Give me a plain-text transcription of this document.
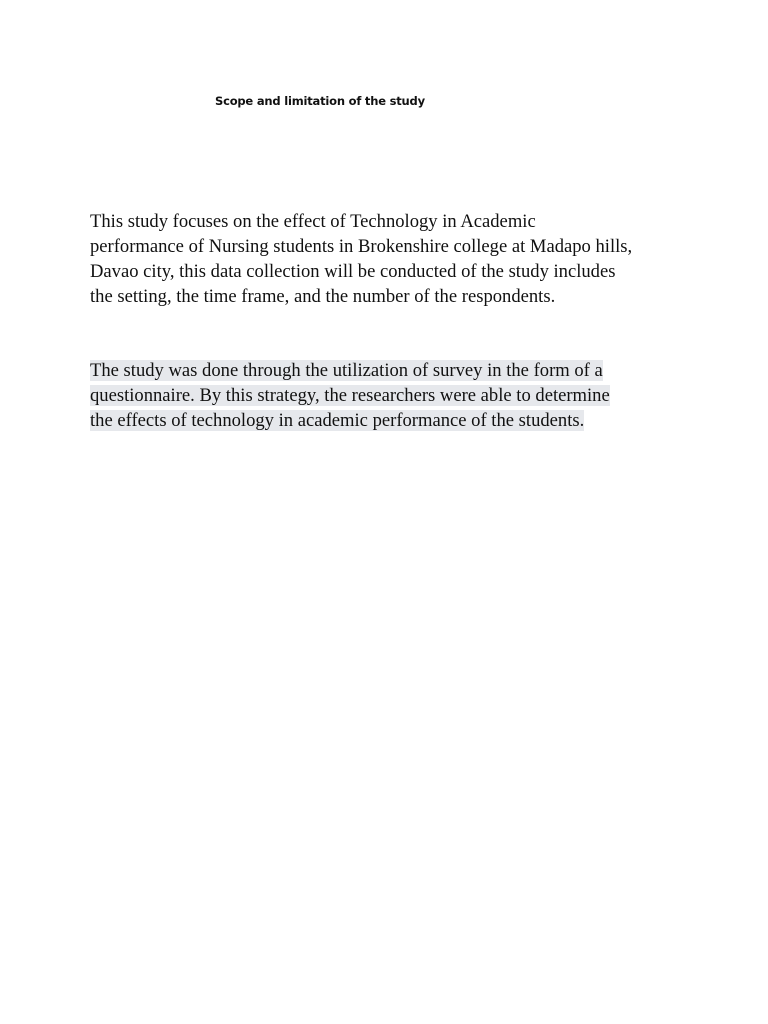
Scope and limitation of the study
This study focuses on the effect of Technology in Academic
performance of Nursing students in Brokenshire college at Madapo hills,
Davao city, this data collection will be conducted of the study includes
the setting, the time frame, and the number of the respondents.
The study was done through the utilization of survey in the form of a
questionnaire. By this strategy, the researchers were able to determine
the effects of technology in academic performance of the students.
